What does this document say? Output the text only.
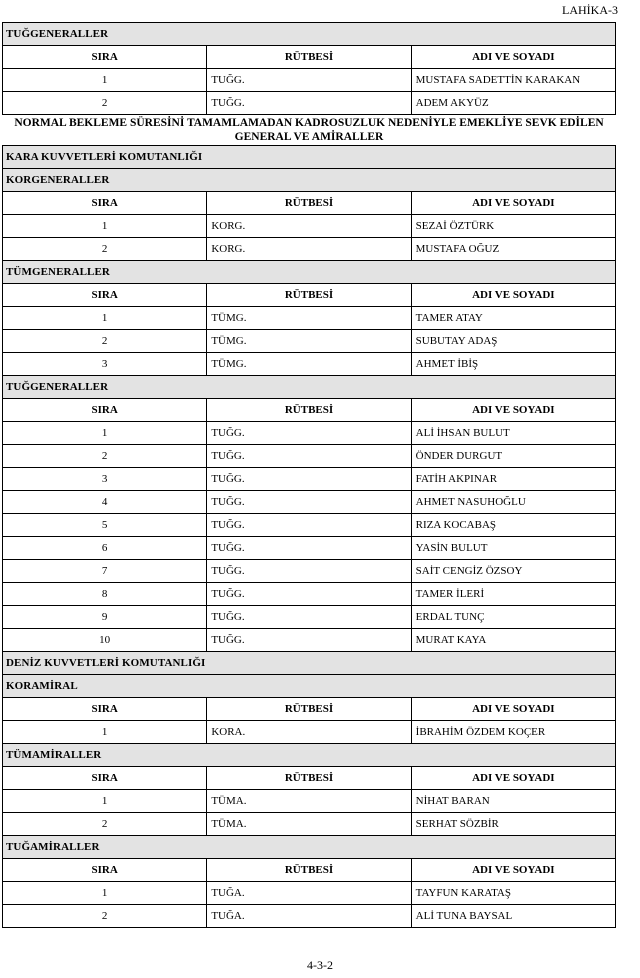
LAHİKA-3
TUĞGENERALLER		
SIRA	RÜTBESİ	ADI VE SOYADI
1	TUĞG.	MUSTAFA SADETTİN KARAKAN
2	TUĞG.	ADEM AKYÜZ
NORMAL BEKLEME SÜRESİNİ TAMAMLAMADAN KADROSUZLUK NEDENİYLE EMEKLİYE SEVK EDİLEN
GENERAL VE AMİRALLER
KARA KUVVETLERİ KOMUTANLIĞI		
KORGENERALLER		
SIRA	RÜTBESİ	ADI VE SOYADI
1	KORG.	SEZAİ ÖZTÜRK
2	KORG.	MUSTAFA OĞUZ
TÜMGENERALLER		
SIRA	RÜTBESİ	ADI VE SOYADI
1	TÜMG.	TAMER ATAY
2	TÜMG.	SUBUTAY ADAŞ
3	TÜMG.	AHMET İBİŞ
TUĞGENERALLER		
SIRA	RÜTBESİ	ADI VE SOYADI
1	TUĞG.	ALİ İHSAN BULUT
2	TUĞG.	ÖNDER DURGUT
3	TUĞG.	FATİH AKPINAR
4	TUĞG.	AHMET NASUHOĞLU
5	TUĞG.	RIZA KOCABAŞ
6	TUĞG.	YASİN BULUT
7	TUĞG.	SAİT CENGİZ ÖZSOY
8	TUĞG.	TAMER İLERİ
9	TUĞG.	ERDAL TUNÇ
10	TUĞG.	MURAT KAYA
DENİZ KUVVETLERİ KOMUTANLIĞI		
KORAMİRAL		
SIRA	RÜTBESİ	ADI VE SOYADI
1	KORA.	İBRAHİM ÖZDEM KOÇER
TÜMAMİRALLER		
SIRA	RÜTBESİ	ADI VE SOYADI
1	TÜMA.	NİHAT BARAN
2	TÜMA.	SERHAT SÖZBİR
TUĞAMİRALLER		
SIRA	RÜTBESİ	ADI VE SOYADI
1	TUĞA.	TAYFUN KARATAŞ
2	TUĞA.	ALİ TUNA BAYSAL
4-3-2
